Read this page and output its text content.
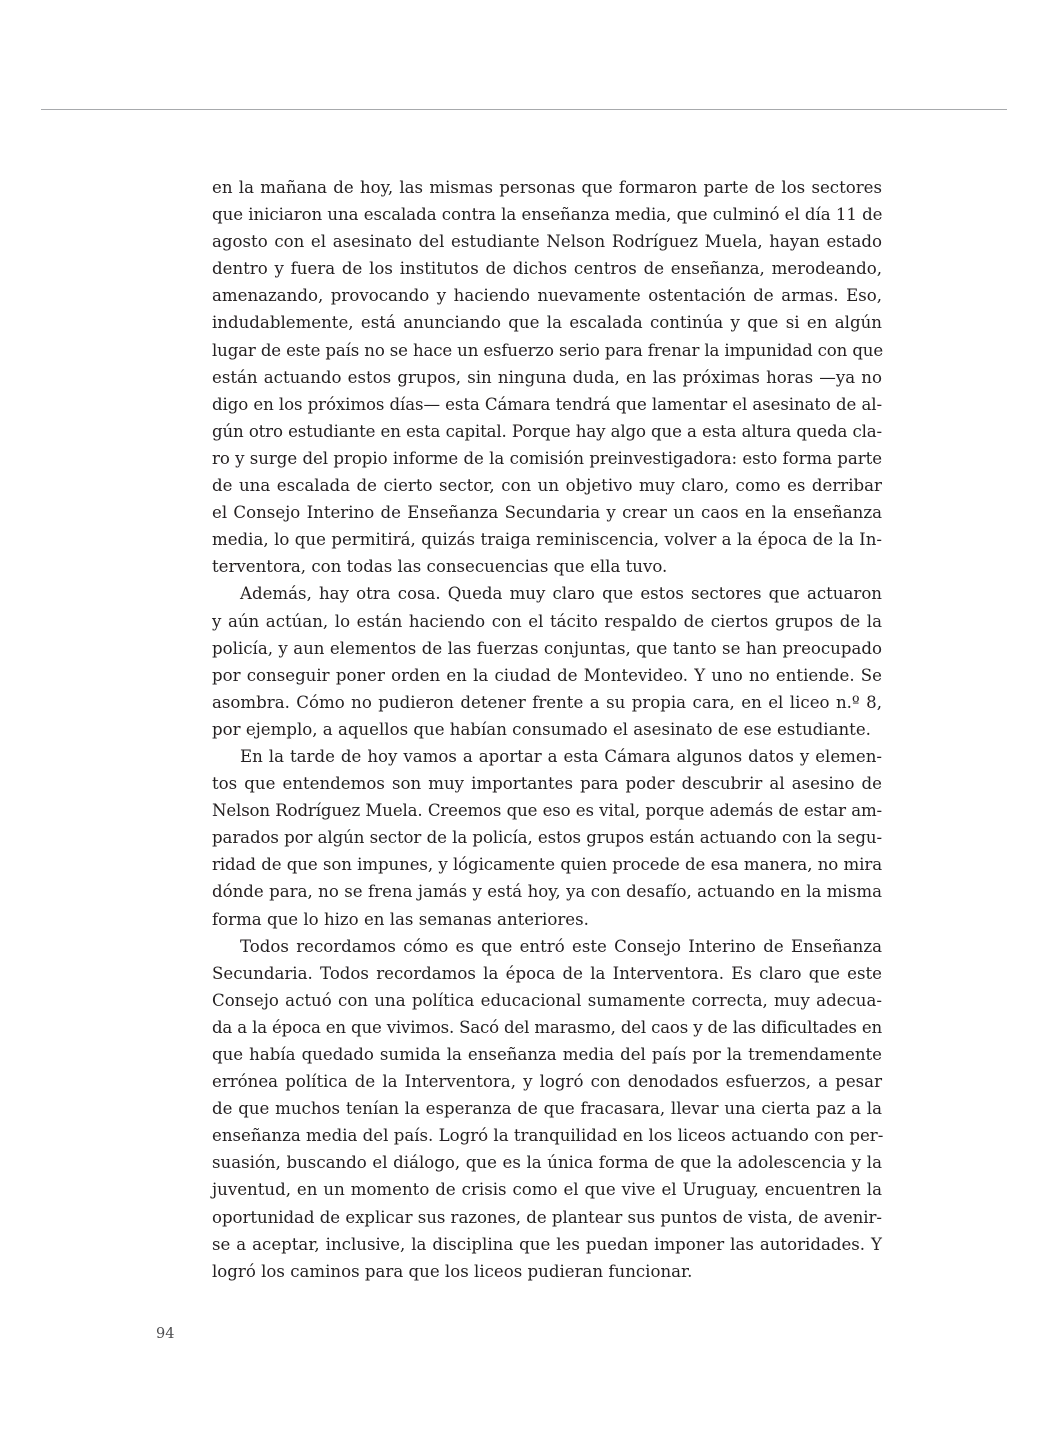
en la mañana de hoy, las mismas personas que formaron parte de los sectores
que iniciaron una escalada contra la enseñanza media, que culminó el día 11 de
agosto con el asesinato del estudiante Nelson Rodríguez Muela, hayan estado
dentro y fuera de los institutos de dichos centros de enseñanza, merodeando,
amenazando, provocando y haciendo nuevamente ostentación de armas. Eso,
indudablemente, está anunciando que la escalada continúa y que si en algún
lugar de este país no se hace un esfuerzo serio para frenar la impunidad con que
están actuando estos grupos, sin ninguna duda, en las próximas horas —ya no
digo en los próximos días— esta Cámara tendrá que lamentar el asesinato de al-
gún otro estudiante en esta capital. Porque hay algo que a esta altura queda cla-
ro y surge del propio informe de la comisión preinvestigadora: esto forma parte
de una escalada de cierto sector, con un objetivo muy claro, como es derribar
el Consejo Interino de Enseñanza Secundaria y crear un caos en la enseñanza
media, lo que permitirá, quizás traiga reminiscencia, volver a la época de la In-
terventora, con todas las consecuencias que ella tuvo.
Además, hay otra cosa. Queda muy claro que estos sectores que actuaron
y aún actúan, lo están haciendo con el tácito respaldo de ciertos grupos de la
policía, y aun elementos de las fuerzas conjuntas, que tanto se han preocupado
por conseguir poner orden en la ciudad de Montevideo. Y uno no entiende. Se
asombra. Cómo no pudieron detener frente a su propia cara, en el liceo n.º 8,
por ejemplo, a aquellos que habían consumado el asesinato de ese estudiante.
En la tarde de hoy vamos a aportar a esta Cámara algunos datos y elemen-
tos que entendemos son muy importantes para poder descubrir al asesino de
Nelson Rodríguez Muela. Creemos que eso es vital, porque además de estar am-
parados por algún sector de la policía, estos grupos están actuando con la segu-
ridad de que son impunes, y lógicamente quien procede de esa manera, no mira
dónde para, no se frena jamás y está hoy, ya con desafío, actuando en la misma
forma que lo hizo en las semanas anteriores.
Todos recordamos cómo es que entró este Consejo Interino de Enseñanza
Secundaria. Todos recordamos la época de la Interventora. Es claro que este
Consejo actuó con una política educacional sumamente correcta, muy adecua-
da a la época en que vivimos. Sacó del marasmo, del caos y de las dificultades en
que había quedado sumida la enseñanza media del país por la tremendamente
errónea política de la Interventora, y logró con denodados esfuerzos, a pesar
de que muchos tenían la esperanza de que fracasara, llevar una cierta paz a la
enseñanza media del país. Logró la tranquilidad en los liceos actuando con per-
suasión, buscando el diálogo, que es la única forma de que la adolescencia y la
juventud, en un momento de crisis como el que vive el Uruguay, encuentren la
oportunidad de explicar sus razones, de plantear sus puntos de vista, de avenir-
se a aceptar, inclusive, la disciplina que les puedan imponer las autoridades. Y
logró los caminos para que los liceos pudieran funcionar.
94
